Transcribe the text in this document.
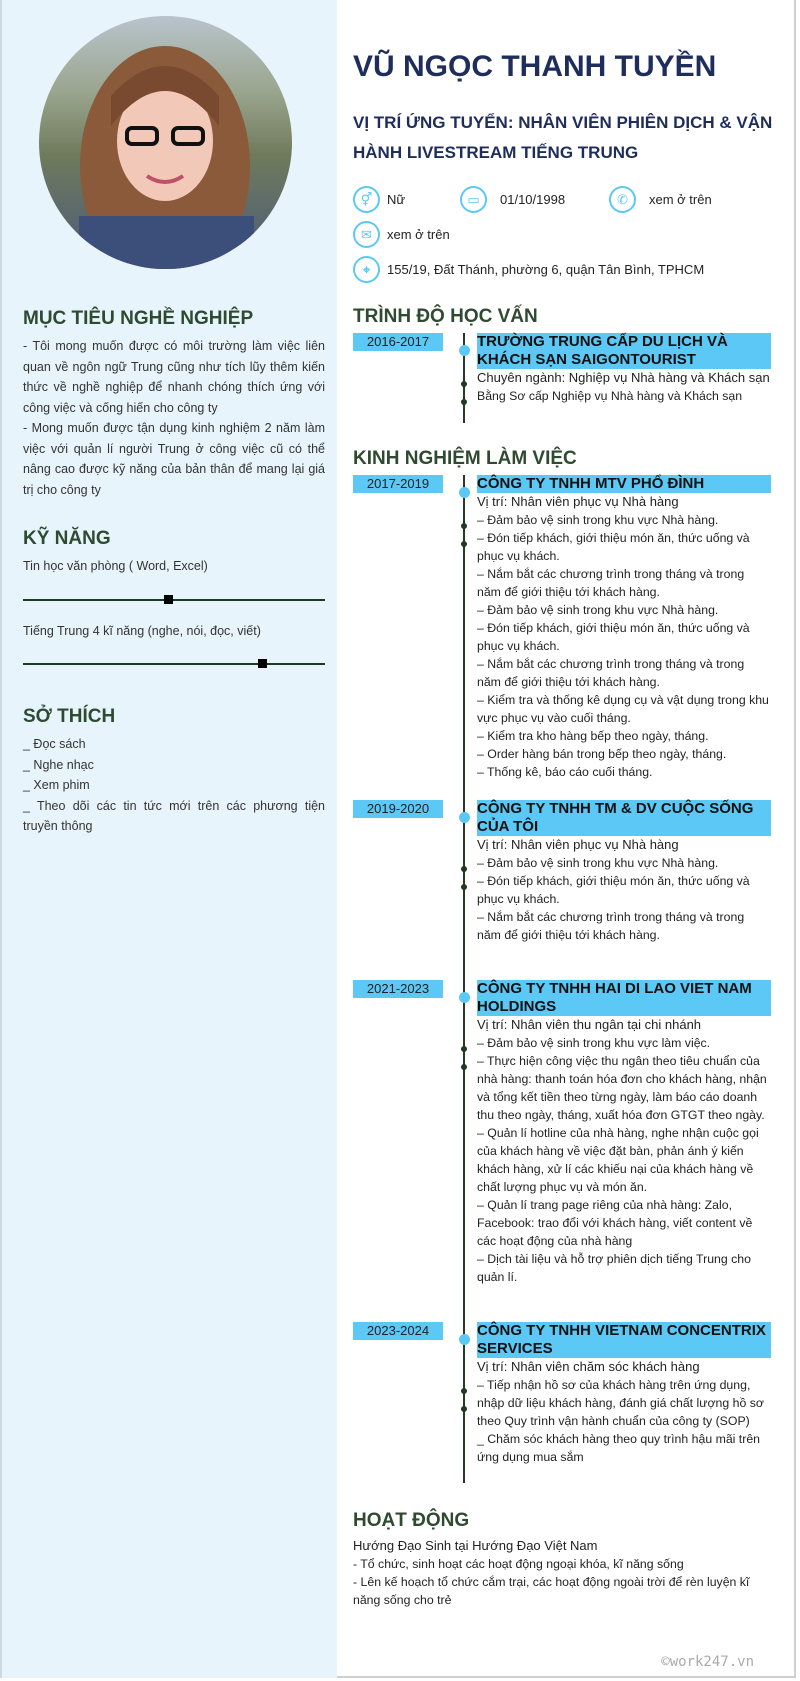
MỤC TIÊU NGHỀ NGHIỆP

- Tôi mong muốn được có môi trường làm việc liên quan về ngôn ngữ Trung cũng như tích lũy thêm kiến thức về nghề nghiệp để nhanh chóng thích ứng với công việc và cống hiến cho công ty

- Mong muốn được tận dụng kinh nghiệm 2 năm làm việc với quản lí người Trung ở công việc cũ có thể nâng cao được kỹ năng của bản thân để mang lại giá trị cho công ty

KỸ NĂNG

Tin học văn phòng ( Word, Excel)

Tiếng Trung 4 kĩ năng (nghe, nói, đọc, viết)

SỞ THÍCH

_ Đọc sách

_ Nghe nhạc

_ Xem phim

_ Theo dõi các tin tức mới trên các phương tiện truyền thông

VŨ NGỌC THANH TUYỀN
VỊ TRÍ ỨNG TUYỂN: NHÂN VIÊN PHIÊN DỊCH & VẬN HÀNH LIVESTREAM TIẾNG TRUNG
⚥	Nữ	▭	01/10/1998	✆	xem ở trên
✉	xem ở trên
⌖	155/19, Đất Thánh, phường 6, quận Tân Bình, TPHCM
TRÌNH ĐỘ HỌC VẤN
2016-2017	TRƯỜNG TRUNG CẤP DU LỊCH VÀ KHÁCH SẠN SAIGONTOURIST
Chuyên ngành: Nghiệp vụ Nhà hàng và Khách sạn
Bằng Sơ cấp Nghiệp vụ Nhà hàng và Khách sạn
KINH NGHIỆM LÀM VIỆC
2017-2019	CÔNG TY TNHH MTV PHỔ ĐÌNH
Vị trí: Nhân viên phục vụ Nhà hàng
– Đảm bảo vệ sinh trong khu vực Nhà hàng.
– Đón tiếp khách, giới thiệu món ăn, thức uống và phục vụ khách.
– Nắm bắt các chương trình trong tháng và trong năm để giới thiệu tới khách hàng.
– Đảm bảo vệ sinh trong khu vực Nhà hàng.
– Đón tiếp khách, giới thiệu món ăn, thức uống và phục vụ khách.
– Nắm bắt các chương trình trong tháng và trong năm để giới thiệu tới khách hàng.
– Kiểm tra và thống kê dụng cụ và vật dụng trong khu vực phục vụ vào cuối tháng.
– Kiểm tra kho hàng bếp theo ngày, tháng.
– Order hàng bán trong bếp theo ngày, tháng.
– Thống kê, báo cáo cuối tháng.
2019-2020	CÔNG TY TNHH TM & DV CUỘC SỐNG CỦA TÔI
Vị trí: Nhân viên phục vụ Nhà hàng
– Đảm bảo vệ sinh trong khu vực Nhà hàng.
– Đón tiếp khách, giới thiệu món ăn, thức uống và phục vụ khách.
– Nắm bắt các chương trình trong tháng và trong năm để giới thiệu tới khách hàng.
2021-2023	CÔNG TY TNHH HAI DI LAO VIET NAM HOLDINGS
Vị trí: Nhân viên thu ngân tại chi nhánh
– Đảm bảo vệ sinh trong khu vực làm việc.
– Thực hiện công việc thu ngân theo tiêu chuẩn của nhà hàng: thanh toán hóa đơn cho khách hàng, nhận và tổng kết tiền theo từng ngày, làm báo cáo doanh thu theo ngày, tháng, xuất hóa đơn GTGT theo ngày.
– Quản lí hotline của nhà hàng, nghe nhận cuộc gọi của khách hàng về việc đặt bàn, phản ánh ý kiến khách hàng, xử lí các khiếu nại của khách hàng về chất lượng phục vụ và món ăn.
– Quản lí trang page riêng của nhà hàng: Zalo, Facebook: trao đổi với khách hàng, viết content về các hoạt động của nhà hàng
– Dịch tài liệu và hỗ trợ phiên dịch tiếng Trung cho quản lí.
2023-2024	CÔNG TY TNHH VIETNAM CONCENTRIX SERVICES
Vị trí: Nhân viên chăm sóc khách hàng
– Tiếp nhận hồ sơ của khách hàng trên ứng dụng, nhập dữ liệu khách hàng, đánh giá chất lượng hồ sơ theo Quy trình vận hành chuẩn của công ty (SOP)
_ Chăm sóc khách hàng theo quy trình hậu mãi trên ứng dụng mua sắm
HOẠT ĐỘNG
Hướng Đạo Sinh tại Hướng Đạo Việt Nam
- Tổ chức, sinh hoạt các hoạt động ngoại khóa, kĩ năng sống
- Lên kế hoạch tổ chức cắm trại, các hoạt động ngoài trời để rèn luyện kĩ năng sống cho trẻ
©work247.vn
